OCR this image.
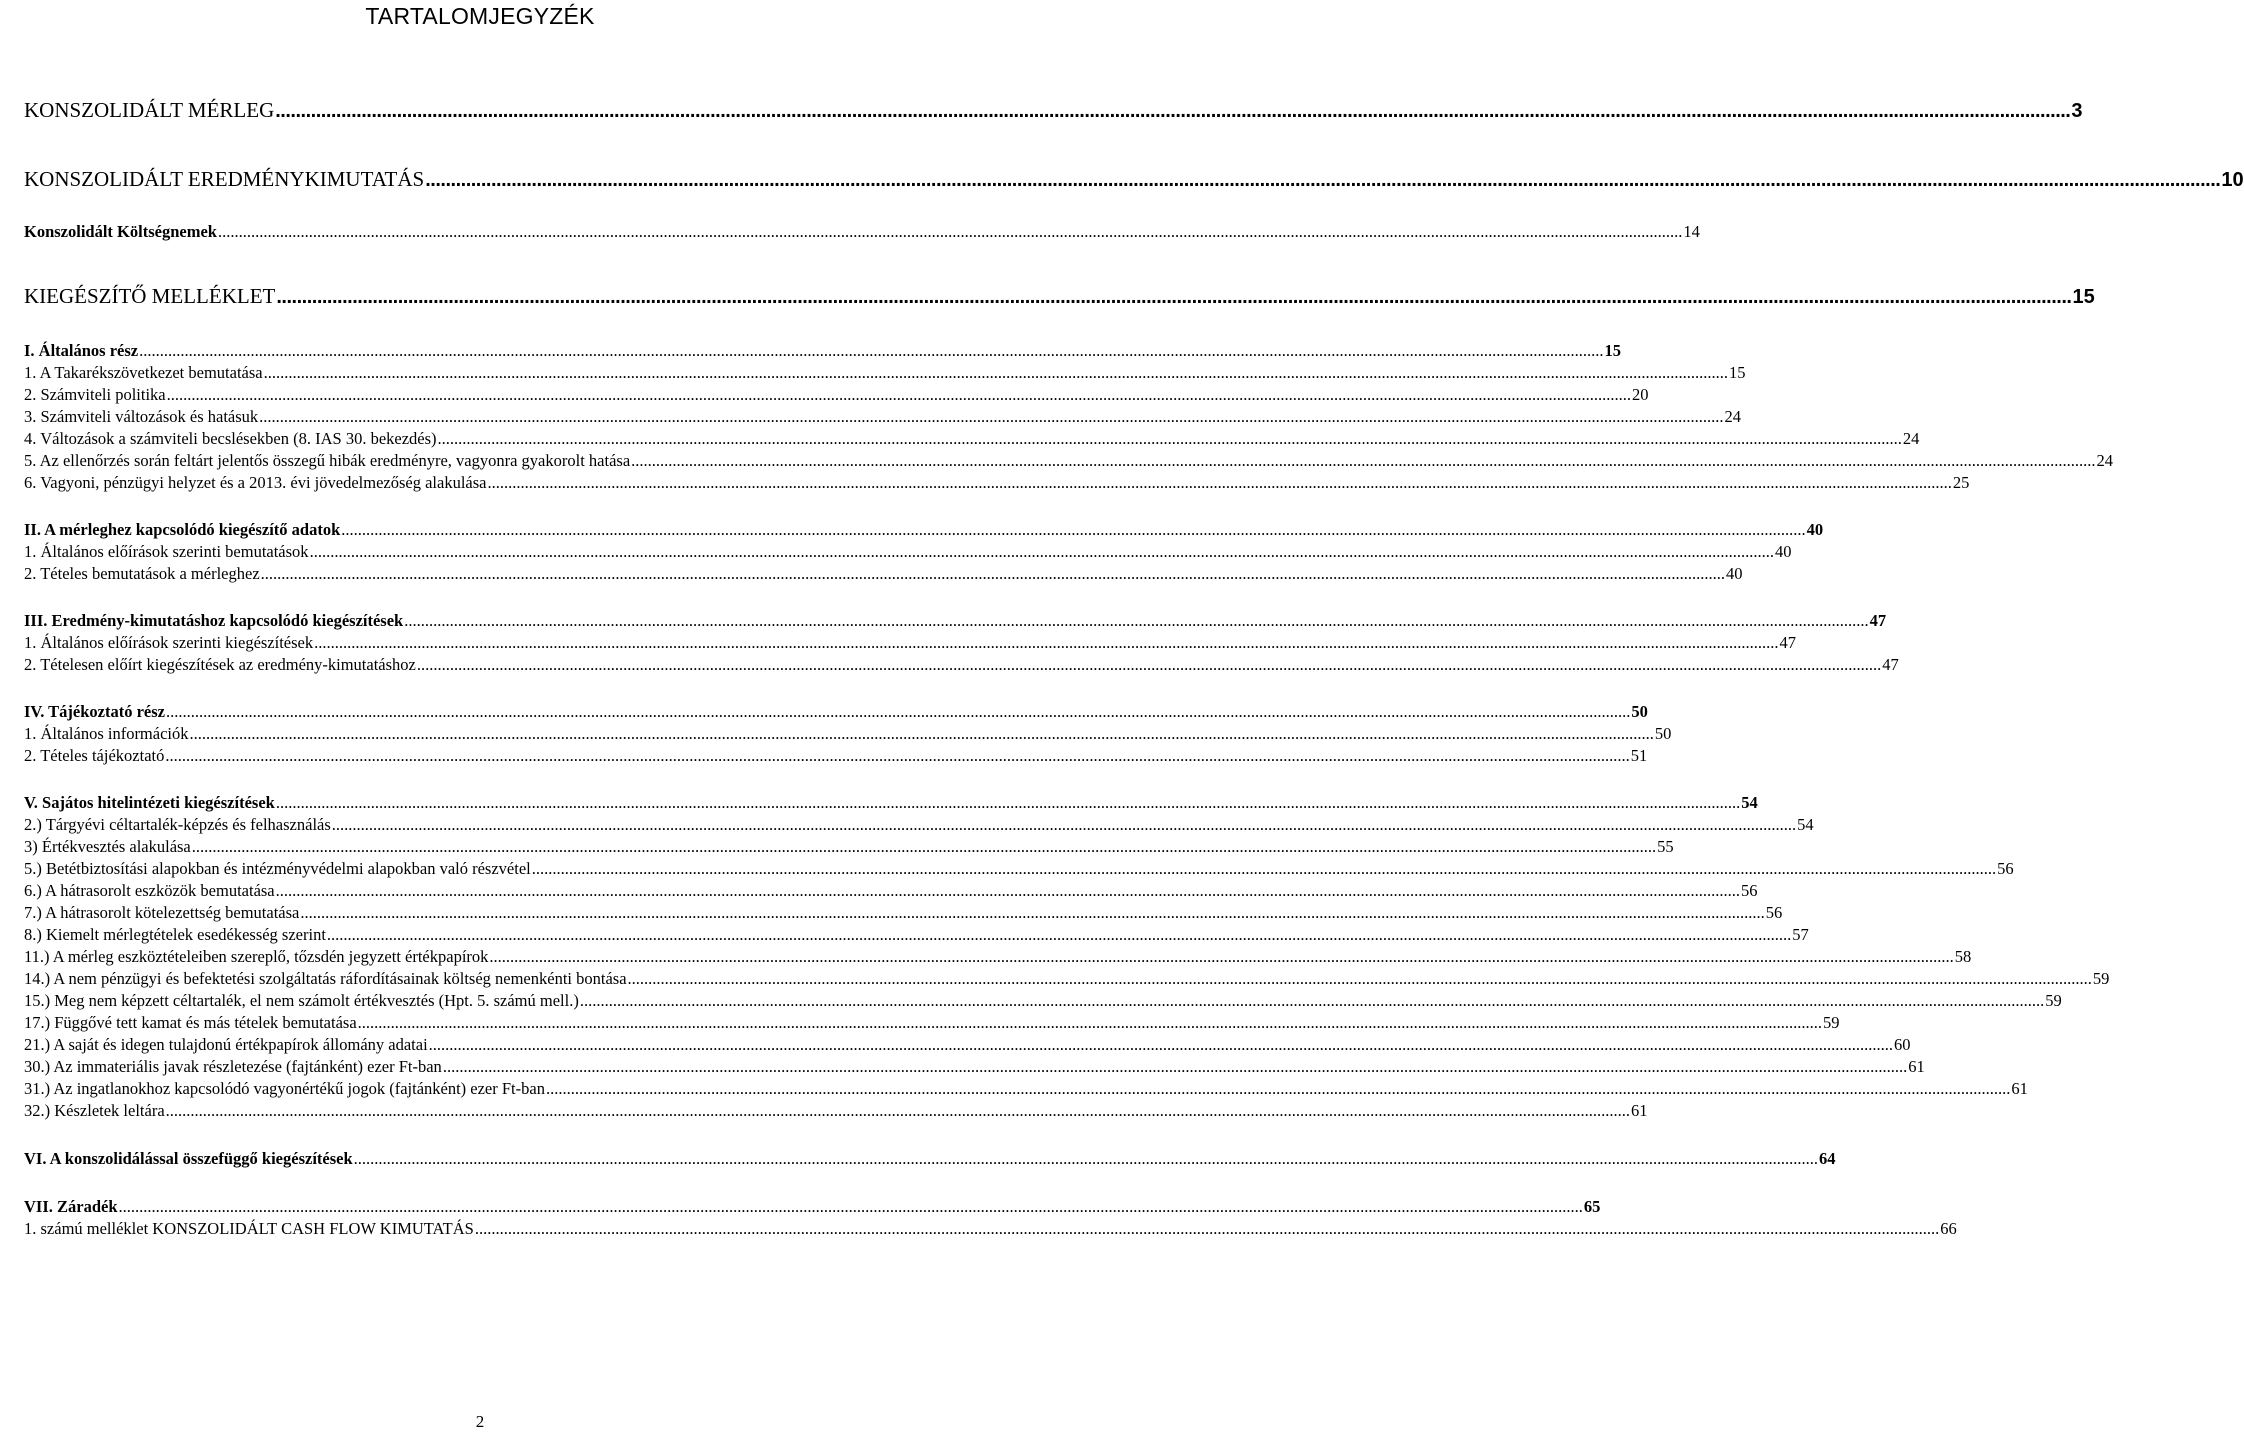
TARTALOMJEGYZÉK
KONSZOLIDÁLT MÉRLEG .....	3
KONSZOLIDÁLT EREDMÉNYKIMUTATÁS .....	10
Konszolidált Költségnemek .....	14
KIEGÉSZÍTŐ MELLÉKLET .....	15
I. Általános rész .....	15
1. A Takarékszövetkezet bemutatása .....	15
2. Számviteli politika .....	20
3. Számviteli változások és hatásuk .....	24
4. Változások a számviteli becslésekben (8. IAS 30. bekezdés) .....	24
5. Az ellenőrzés során feltárt jelentős összegű hibák eredményre, vagyonra gyakorolt hatása .....	24
6. Vagyoni, pénzügyi helyzet és a 2013. évi jövedelmezőség alakulása .....	25
II. A mérleghez kapcsolódó kiegészítő adatok .....	40
1. Általános előírások szerinti bemutatások .....	40
2. Tételes bemutatások a mérleghez .....	40
III. Eredmény-kimutatáshoz kapcsolódó kiegészítések .....	47
1. Általános előírások szerinti kiegészítések .....	47
2. Tételesen előírt kiegészítések az eredmény-kimutatáshoz .....	47
IV. Tájékoztató rész .....	50
1. Általános információk .....	50
2. Tételes tájékoztató .....	51
V. Sajátos hitelintézeti kiegészítések .....	54
2.) Tárgyévi céltartalék-képzés és felhasználás .....	54
3) Értékvesztés alakulása .....	55
5.) Betétbiztosítási alapokban és intézményvédelmi alapokban való részvétel .....	56
6.) A hátrasorolt eszközök bemutatása .....	56
7.) A hátrasorolt kötelezettség bemutatása .....	56
8.) Kiemelt mérlegtételek esedékesség szerint .....	57
11.) A mérleg eszköztételeiben szereplő, tőzsdén jegyzett értékpapírok .....	58
14.) A nem pénzügyi és befektetési szolgáltatás ráfordításainak költség nemenkénti bontása .....	59
15.) Meg nem képzett céltartalék, el nem számolt értékvesztés (Hpt. 5. számú mell.) .....	59
17.) Függővé tett kamat és más tételek bemutatása .....	59
21.) A saját és idegen tulajdonú értékpapírok állomány adatai .....	60
30.) Az immateriális javak részletezése (fajtánként) ezer Ft-ban .....	61
31.) Az ingatlanokhoz kapcsolódó vagyonértékű jogok (fajtánként) ezer Ft-ban .....	61
32.) Készletek leltára .....	61
VI. A konszolidálással összefüggő kiegészítések .....	64
VII. Záradék .....	65
1. számú melléklet KONSZOLIDÁLT CASH FLOW KIMUTATÁS .....	66
2
